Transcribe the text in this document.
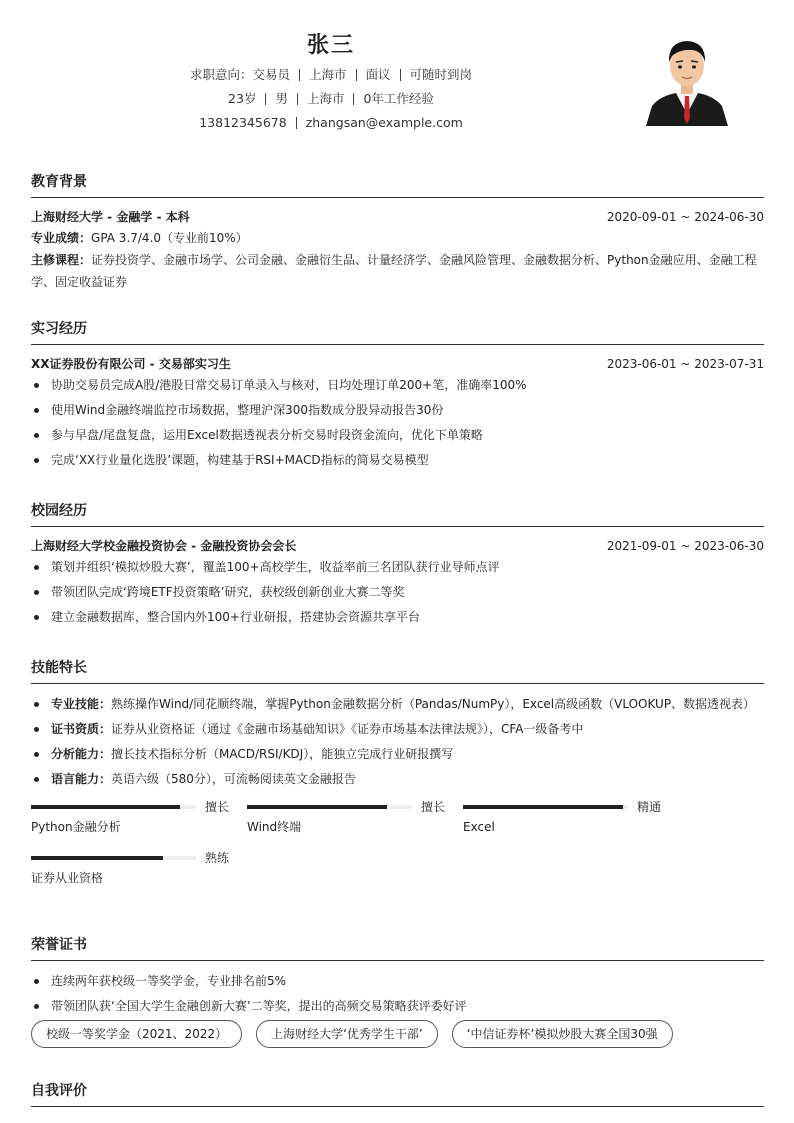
张三
求职意向：交易员 上海市 面议 可随时到岗
23岁 男 上海市 0年工作经验
13812345678 zhangsan@example.com
教育背景
上海财经大学 - 金融学 - 本科	2020-09-01 ~ 2024-06-30
专业成绩：GPA 3.7/4.0（专业前10%）
主修课程：证券投资学、金融市场学、公司金融、金融衍生品、计量经济学、金融风险管理、金融数据分析、Python金融应用、金融工程学、固定收益证券
实习经历
XX证券股份有限公司 - 交易部实习生	2023-06-01 ~ 2023-07-31
协助交易员完成A股/港股日常交易订单录入与核对，日均处理订单200+笔，准确率100%
使用Wind金融终端监控市场数据，整理沪深300指数成分股异动报告30份
参与早盘/尾盘复盘，运用Excel数据透视表分析交易时段资金流向，优化下单策略
完成‘XX行业量化选股’课题，构建基于RSI+MACD指标的简易交易模型
校园经历
上海财经大学校金融投资协会 - 金融投资协会会长	2021-09-01 ~ 2023-06-30
策划并组织‘模拟炒股大赛’，覆盖100+高校学生，收益率前三名团队获行业导师点评
带领团队完成‘跨境ETF投资策略’研究，获校级创新创业大赛二等奖
建立金融数据库，整合国内外100+行业研报，搭建协会资源共享平台
技能特长
专业技能：熟练操作Wind/同花顺终端，掌握Python金融数据分析（Pandas/NumPy），Excel高级函数（VLOOKUP、数据透视表）
证书资质：证券从业资格证（通过《金融市场基础知识》《证券市场基本法律法规》），CFA一级备考中
分析能力：擅长技术指标分析（MACD/RSI/KDJ），能独立完成行业研报撰写
语言能力：英语六级（580分），可流畅阅读英文金融报告
擅长
Python金融分析
擅长
Wind终端
精通
Excel
熟练
证券从业资格
荣誉证书
连续两年获校级一等奖学金，专业排名前5%
带领团队获‘全国大学生金融创新大赛’二等奖，提出的高频交易策略获评委好评
校级一等奖学金（2021、2022）	上海财经大学‘优秀学生干部’	‘中信证券杯’模拟炒股大赛全国30强
自我评价
